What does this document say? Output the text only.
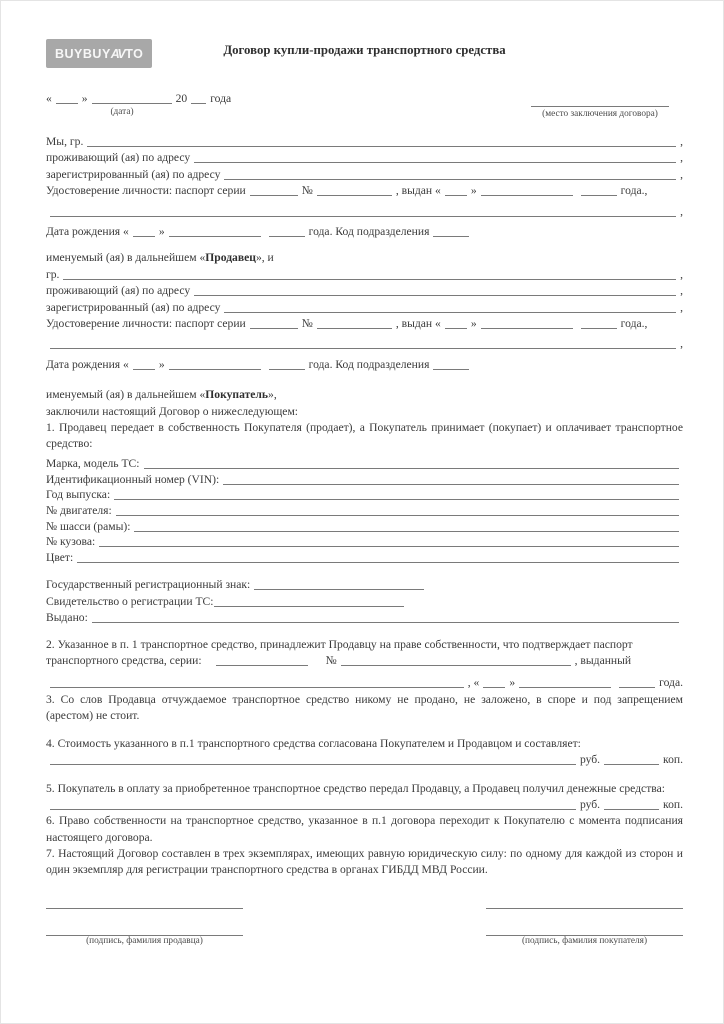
BUYBUYAVTO	Договор купли-продажи транспортного средства
«	»	20 года
(дата)	(место заключения договора)
Мы, гр.	,
проживающий (ая) по адресу	,
зарегистрированный (ая) по адресу	,
Удостоверение личности: паспорт серии	№	, выдан «	»	года.,
,
Дата рождения «	»	года. Код подразделения
именуемый (ая) в дальнейшем «Продавец», и
гр.	,
проживающий (ая) по адресу	,
зарегистрированный (ая) по адресу	,
Удостоверение личности: паспорт серии	№	, выдан «	»	года.,
,
Дата рождения «	»	года. Код подразделения
именуемый (ая) в дальнейшем «Покупатель»,

заключили настоящий Договор о нижеследующем:

1. Продавец передает в собственность Покупателя (продает), а Покупатель принимает (покупает) и оплачивает транспортное средство:

Марка, модель ТС:
Идентификационный номер (VIN):
Год выпуска:
№ двигателя:
№ шасси (рамы):
№ кузова:
Цвет:
Государственный регистрационный знак:
Свидетельство о регистрации ТС:
Выдано:

2. Указанное в п. 1 транспортное средство, принадлежит Продавцу на праве собственности, что подтверждает паспорт

транспортного средства, серии:	№	, выданный
, «	»	года.

3. Со слов Продавца отчуждаемое транспортное средство никому не продано, не заложено, в споре и под запрещением (арестом) не стоит.

4. Стоимость указанного в п.1 транспортного средства согласована Покупателем и Продавцом и составляет:

руб.	коп.

5. Покупатель в оплату за приобретенное транспортное средство передал Продавцу, а Продавец получил денежные средства:

руб.	коп.

6. Право собственности на транспортное средство, указанное в п.1 договора переходит к Покупателю с момента подписания настоящего договора.

7. Настоящий Договор составлен в трех экземплярах, имеющих равную юридическую силу: по одному для каждой из сторон и один экземпляр для регистрации транспортного средства в органах ГИБДД МВД России.

(подпись, фамилия продавца)	(подпись, фамилия покупателя)
